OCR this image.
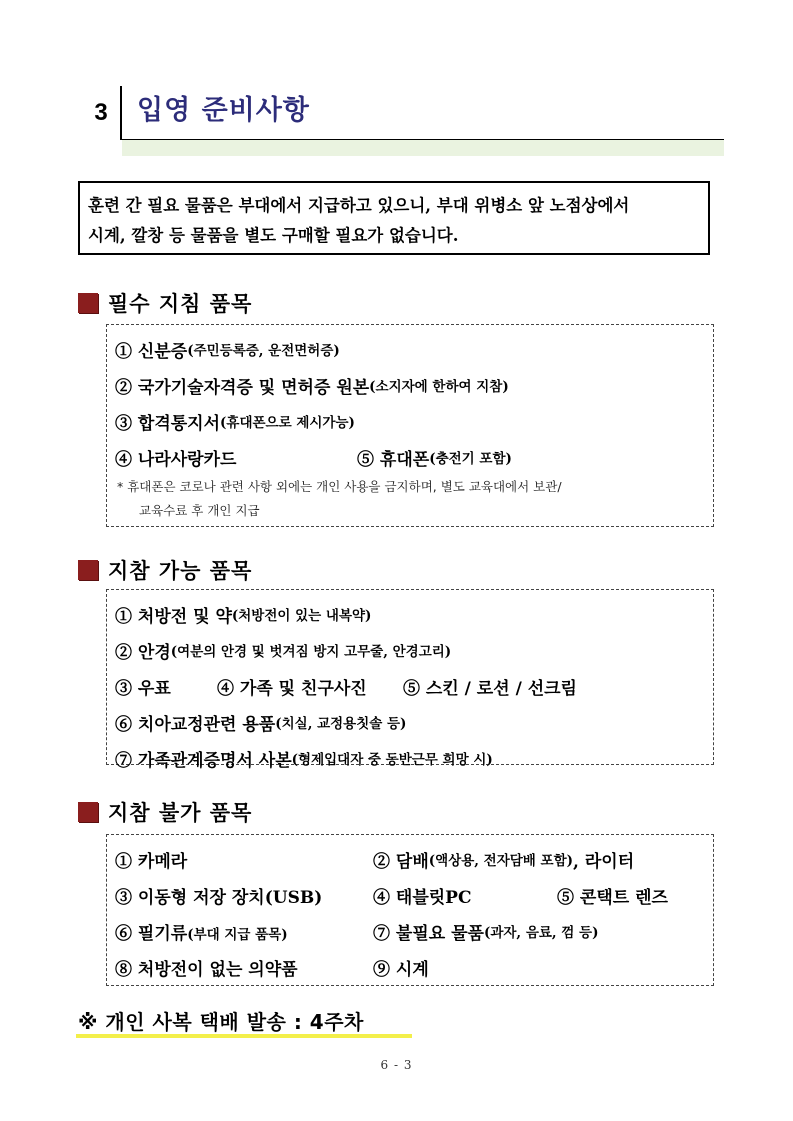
3	입영 준비사항
훈련 간 필요 물품은 부대에서 지급하고 있으니, 부대 위병소 앞 노점상에서
시계, 깔창 등 물품을 별도 구매할 필요가 없습니다.
필수 지침 품목
① 신분증 (주민등록증, 운전면허증)
② 국가기술자격증 및 면허증 원본 (소지자에 한하여 지참)
③ 합격통지서 (휴대폰으로 제시가능)
④ 나라사랑카드	⑤ 휴대폰 (충전기 포함)
* 휴대폰은 코로나 관련 사항 외에는 개인 사용을 금지하며, 별도 교육대에서 보관/
교육수료 후 개인 지급
지참 가능 품목
① 처방전 및 약 (처방전이 있는 내복약)
② 안경 (여분의 안경 및 벗겨짐 방지 고무줄, 안경고리)
③ 우표	④ 가족 및 친구사진	⑤ 스킨 / 로션 / 선크림
⑥ 치아교정관련 용품 (치실, 교정용칫솔 등)
⑦ 가족관계증명서 사본 (형제입대자 중 동반근무 희망 시)
지참 불가 품목
① 카메라	② 담배 (액상용, 전자담배 포함) , 라이터
③ 이동형 저장 장치(USB)	④ 태블릿PC	⑤ 콘택트 렌즈
⑥ 필기류(부대 지급 품목)	⑦ 불필요 물품 (과자, 음료, 껌 등)
⑧ 처방전이 없는 의약품	⑨ 시계
※ 개인 사복 택배 발송 : 4주차
6 - 3
